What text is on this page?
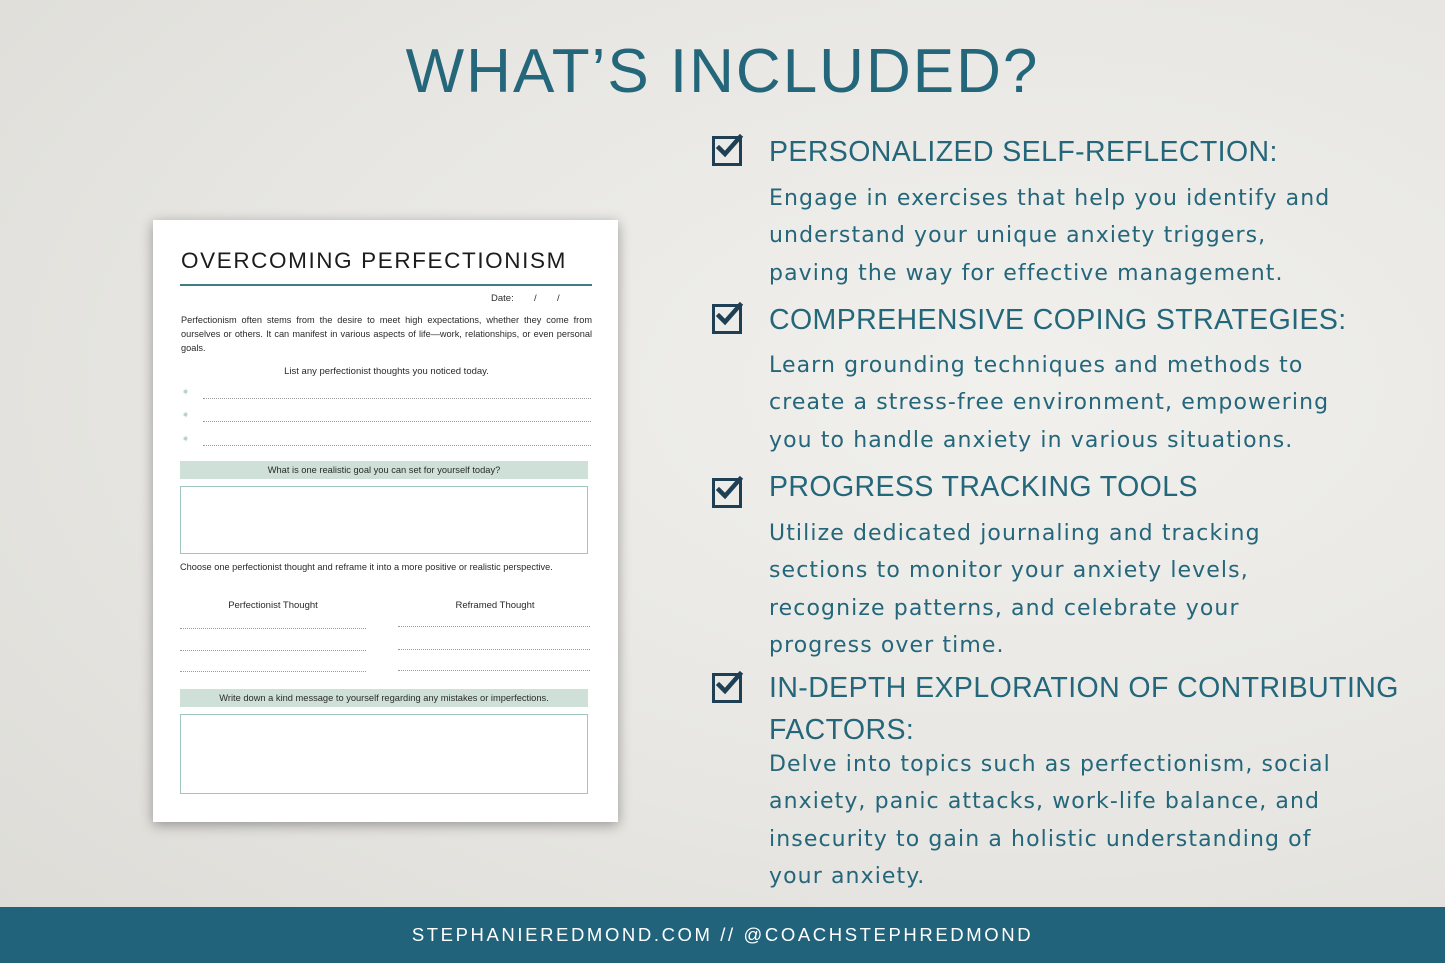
WHAT’S INCLUDED?
OVERCOMING PERFECTIONISM
Date: / /
Perfectionism often stems from the desire to meet high expectations, whether they come from ourselves or others. It can manifest in various aspects of life—work, relationships, or even personal goals.
List any perfectionist thoughts you noticed today.
➧
➧
➧
What is one realistic goal you can set for yourself today?
Choose one perfectionist thought and reframe it into a more positive or realistic perspective.
Perfectionist Thought	Reframed Thought
Write down a kind message to yourself regarding any mistakes or imperfections.
PERSONALIZED SELF-REFLECTION:
Engage in exercises that help you identify and
understand your unique anxiety triggers,
paving the way for effective management.
COMPREHENSIVE COPING STRATEGIES:
Learn grounding techniques and methods to
create a stress-free environment, empowering
you to handle anxiety in various situations.
PROGRESS TRACKING TOOLS
Utilize dedicated journaling and tracking
sections to monitor your anxiety levels,
recognize patterns, and celebrate your
progress over time.
IN-DEPTH EXPLORATION OF CONTRIBUTING
FACTORS:
Delve into topics such as perfectionism, social
anxiety, panic attacks, work-life balance, and
insecurity to gain a holistic understanding of
your anxiety.
STEPHANIEREDMOND.COM // @COACHSTEPHREDMOND
